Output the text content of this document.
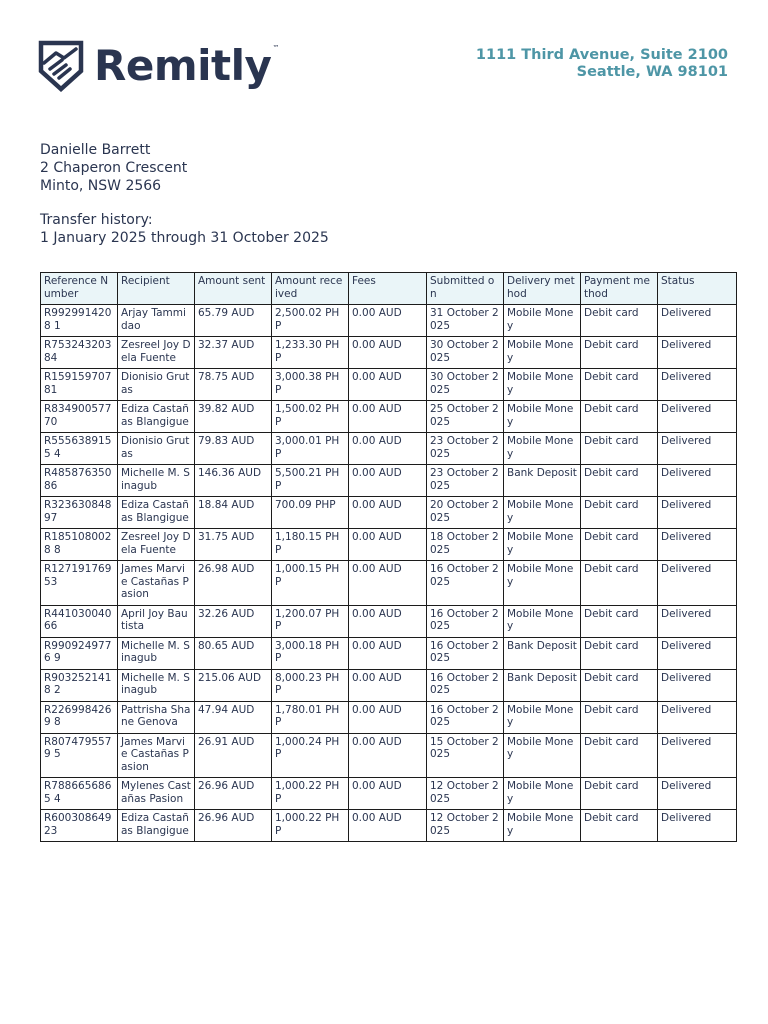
Remitly™	1111 Third Avenue, Suite 2100
Seattle, WA 98101
Danielle Barrett
2 Chaperon Crescent
Minto, NSW 2566
Transfer history:
1 January 2025 through 31 October 2025
Reference Number	Recipient	Amount sent	Amount received	Fees	Submitted on	Delivery method	Payment method	Status
R9929914208 1	Arjay Tammidao	65.79 AUD	2,500.02 PHP	0.00 AUD	31 October 2025	Mobile Money	Debit card	Delivered
R753243203 84	Zesreel Joy Dela Fuente	32.37 AUD	1,233.30 PHP	0.00 AUD	30 October 2025	Mobile Money	Debit card	Delivered
R15915970781	Dionisio Grutas	78.75 AUD	3,000.38 PHP	0.00 AUD	30 October 2025	Mobile Money	Debit card	Delivered
R834900577 70	Ediza Castañas Blangigue	39.82 AUD	1,500.02 PHP	0.00 AUD	25 October 2025	Mobile Money	Debit card	Delivered
R5556389155 4	Dionisio Grutas	79.83 AUD	3,000.01 PHP	0.00 AUD	23 October 2025	Mobile Money	Debit card	Delivered
R485876350 86	Michelle M. Sinagub	146.36 AUD	5,500.21 PHP	0.00 AUD	23 October 2025	Bank Deposit	Debit card	Delivered
R323630848 97	Ediza Castañas Blangigue	18.84 AUD	700.09 PHP	0.00 AUD	20 October 2025	Mobile Money	Debit card	Delivered
R1851080028 8	Zesreel Joy Dela Fuente	31.75 AUD	1,180.15 PHP	0.00 AUD	18 October 2025	Mobile Money	Debit card	Delivered
R12719176953	James Marvie Castañas Pasion	26.98 AUD	1,000.15 PHP	0.00 AUD	16 October 2025	Mobile Money	Debit card	Delivered
R441030040 66	April Joy Bautista	32.26 AUD	1,200.07 PHP	0.00 AUD	16 October 2025	Mobile Money	Debit card	Delivered
R9909249776 9	Michelle M. Sinagub	80.65 AUD	3,000.18 PHP	0.00 AUD	16 October 2025	Bank Deposit	Debit card	Delivered
R9032521418 2	Michelle M. Sinagub	215.06 AUD	8,000.23 PHP	0.00 AUD	16 October 2025	Bank Deposit	Debit card	Delivered
R2269984269 8	Pattrisha Shane Genova	47.94 AUD	1,780.01 PHP	0.00 AUD	16 October 2025	Mobile Money	Debit card	Delivered
R8074795579 5	James Marvie Castañas Pasion	26.91 AUD	1,000.24 PHP	0.00 AUD	15 October 2025	Mobile Money	Debit card	Delivered
R7886656865 4	Mylenes Castañas Pasion	26.96 AUD	1,000.22 PHP	0.00 AUD	12 October 2025	Mobile Money	Debit card	Delivered
R600308649 23	Ediza Castañas Blangigue	26.96 AUD	1,000.22 PHP	0.00 AUD	12 October 2025	Mobile Money	Debit card	Delivered
